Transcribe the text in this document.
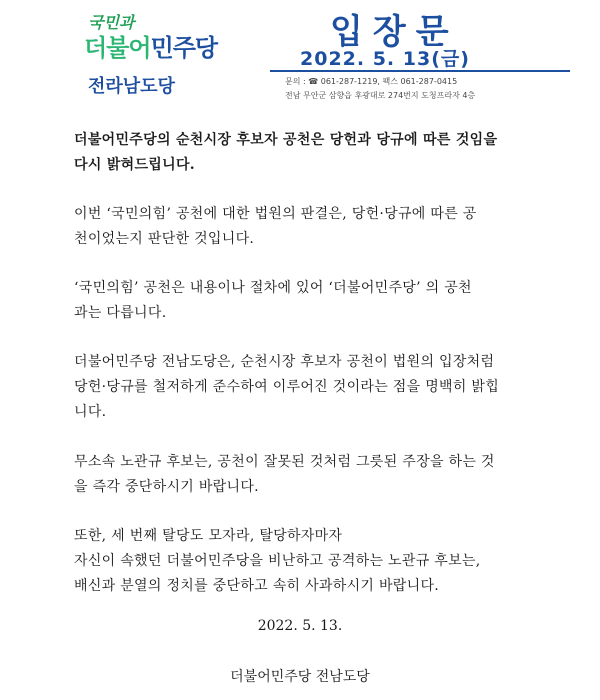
국민과
더불어민주당
전라남도당
입장문
2022. 5. 13(금)
문의 : ☎ 061-287-1219, 팩스 061-287-0415
전남 무안군 삼향읍 후광대로 274번지 도청프라자 4층
더불어민주당의 순천시장 후보자 공천은 당헌과 당규에 따른 것임을
다시 밝혀드립니다.
이번 ‘국민의힘’ 공천에 대한 법원의 판결은, 당헌·당규에 따른 공
천이었는지 판단한 것입니다.
‘국민의힘’ 공천은 내용이나 절차에 있어 ‘더불어민주당’ 의 공천
과는 다릅니다.
더불어민주당 전남도당은, 순천시장 후보자 공천이 법원의 입장처럼
당헌·당규를 철저하게 준수하여 이루어진 것이라는 점을 명백히 밝힙
니다.
무소속 노관규 후보는, 공천이 잘못된 것처럼 그릇된 주장을 하는 것
을 즉각 중단하시기 바랍니다.
또한, 세 번째 탈당도 모자라, 탈당하자마자
자신이 속했던 더불어민주당을 비난하고 공격하는 노관규 후보는,
배신과 분열의 정치를 중단하고 속히 사과하시기 바랍니다.
2022. 5. 13.
더불어민주당 전남도당
